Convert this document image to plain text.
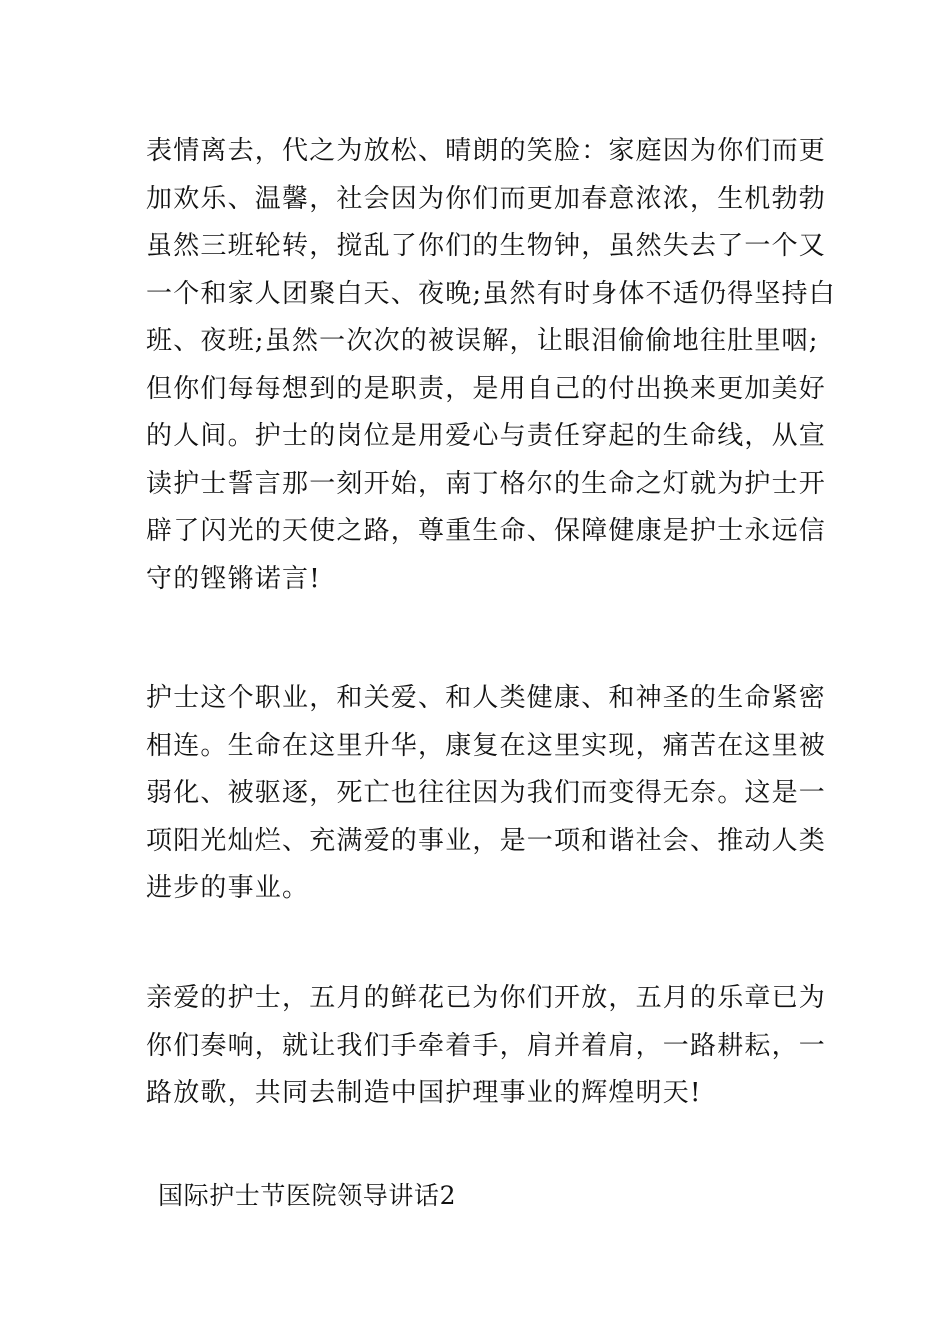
表情离去，代之为放松、晴朗的笑脸：家庭因为你们而更
加欢乐、温馨，社会因为你们而更加春意浓浓，生机勃勃
虽然三班轮转，搅乱了你们的生物钟，虽然失去了一个又
一个和家人团聚白天、夜晚;虽然有时身体不适仍得坚持白
班、夜班;虽然一次次的被误解，让眼泪偷偷地往肚里咽;
但你们每每想到的是职责，是用自己的付出换来更加美好
的人间。护士的岗位是用爱心与责任穿起的生命线，从宣
读护士誓言那一刻开始，南丁格尔的生命之灯就为护士开
辟了闪光的天使之路，尊重生命、保障健康是护士永远信
守的铿锵诺言!

护士这个职业，和关爱、和人类健康、和神圣的生命紧密
相连。生命在这里升华，康复在这里实现，痛苦在这里被
弱化、被驱逐，死亡也往往因为我们而变得无奈。这是一
项阳光灿烂、充满爱的事业，是一项和谐社会、推动人类
进步的事业。

亲爱的护士，五月的鲜花已为你们开放，五月的乐章已为
你们奏响，就让我们手牵着手，肩并着肩，一路耕耘，一
路放歌，共同去制造中国护理事业的辉煌明天!

国际护士节医院领导讲话2
